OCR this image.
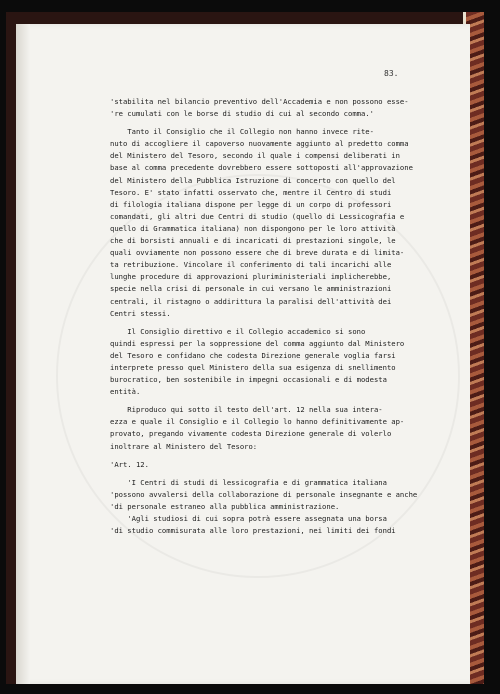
83.
'stabilita nel bilancio preventivo dell'Accademia e non possono esse-
're cumulati con le borse di studio di cui al secondo comma.'
Tanto il Consiglio che il Collegio non hanno invece rite-
nuto di accogliere il capoverso nuovamente aggiunto al predetto comma
del Ministero del Tesoro, secondo il quale i compensi deliberati in
base al comma precedente dovrebbero essere sottoposti all'approvazione
del Ministero della Pubblica Istruzione di concerto con quello del
Tesoro. E' stato infatti osservato che, mentre il Centro di studi
di filologia italiana dispone per legge di un corpo di professori
comandati, gli altri due Centri di studio (quello di Lessicografia e
quello di Grammatica italiana) non dispongono per le loro attività
che di borsisti annuali e di incaricati di prestazioni singole, le
quali ovviamente non possono essere che di breve durata e di limita-
ta retribuzione. Vincolare il conferimento di tali incarichi alle
lunghe procedure di approvazioni pluriministeriali implicherebbe,
specie nella crisi di personale in cui versano le amministrazioni
centrali, il ristagno o addirittura la paralisi dell'attività dei
Centri stessi.
Il Consiglio direttivo e il Collegio accademico si sono
quindi espressi per la soppressione del comma aggiunto dal Ministero
del Tesoro e confidano che codesta Direzione generale voglia farsi
interprete presso quel Ministero della sua esigenza di snellimento
burocratico, ben sostenibile in impegni occasionali e di modesta
entità.
Riproduco qui sotto il testo dell'art. 12 nella sua intera-
ezza e quale il Consiglio e il Collegio lo hanno definitivamente ap-
provato, pregando vivamente codesta Direzione generale di volerlo
inoltrare al Ministero del Tesoro:
'Art. 12.
'I Centri di studi di lessicografia e di grammatica italiana
'possono avvalersi della collaborazione di personale insegnante e anche
'di personale estraneo alla pubblica amministrazione.
'Agli studiosi di cui sopra potrà essere assegnata una borsa
'di studio commisurata alle loro prestazioni, nei limiti dei fondi
